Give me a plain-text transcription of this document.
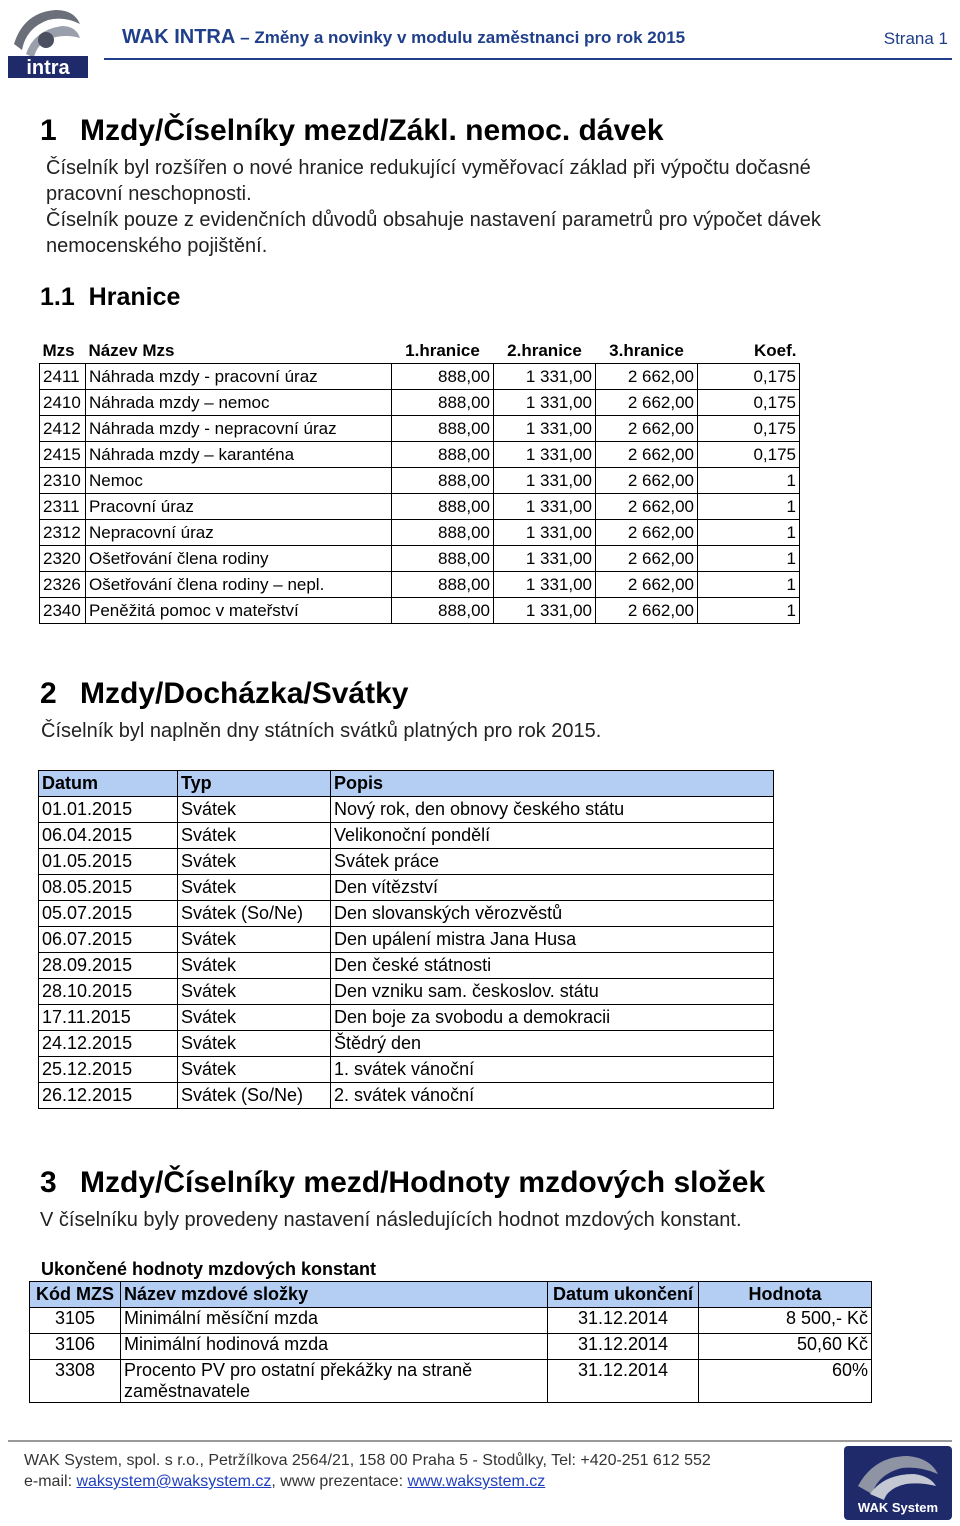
intra
WAK INTRA – Změny a novinky v modulu zaměstnanci pro rok 2015	Strana 1
1 Mzdy/Číselníky mezd/Zákl. nemoc. dávek

Číselník byl rozšířen o nové hranice redukující vyměřovací základ při výpočtu dočasné pracovní neschopnosti.

Číselník pouze z evidenčních důvodů obsahuje nastavení parametrů pro výpočet dávek nemocenského pojištění.

1.1 Hranice
Mzs	Název Mzs	1.hranice	2.hranice	3.hranice	Koef.
2411	Náhrada mzdy - pracovní úraz	888,00	1 331,00	2 662,00	0,175
2410	Náhrada mzdy – nemoc	888,00	1 331,00	2 662,00	0,175
2412	Náhrada mzdy - nepracovní úraz	888,00	1 331,00	2 662,00	0,175
2415	Náhrada mzdy – karanténa	888,00	1 331,00	2 662,00	0,175
2310	Nemoc	888,00	1 331,00	2 662,00	1
2311	Pracovní úraz	888,00	1 331,00	2 662,00	1
2312	Nepracovní úraz	888,00	1 331,00	2 662,00	1
2320	Ošetřování člena rodiny	888,00	1 331,00	2 662,00	1
2326	Ošetřování člena rodiny – nepl.	888,00	1 331,00	2 662,00	1
2340	Peněžitá pomoc v mateřství	888,00	1 331,00	2 662,00	1
2 Mzdy/Docházka/Svátky

Číselník byl naplněn dny státních svátků platných pro rok 2015.

Datum	Typ	Popis
01.01.2015	Svátek	Nový rok, den obnovy českého státu
06.04.2015	Svátek	Velikonoční pondělí
01.05.2015	Svátek	Svátek práce
08.05.2015	Svátek	Den vítězství
05.07.2015	Svátek (So/Ne)	Den slovanských věrozvěstů
06.07.2015	Svátek	Den upálení mistra Jana Husa
28.09.2015	Svátek	Den české státnosti
28.10.2015	Svátek	Den vzniku sam. českoslov. státu
17.11.2015	Svátek	Den boje za svobodu a demokracii
24.12.2015	Svátek	Štědrý den
25.12.2015	Svátek	1. svátek vánoční
26.12.2015	Svátek (So/Ne)	2. svátek vánoční
3 Mzdy/Číselníky mezd/Hodnoty mzdových složek

V číselníku byly provedeny nastavení následujících hodnot mzdových konstant.

Ukončené hodnoty mzdových konstant
Kód MZS	Název mzdové složky	Datum ukončení	Hodnota
3105	Minimální měsíční mzda	31.12.2014	8 500,- Kč
3106	Minimální hodinová mzda	31.12.2014	50,60 Kč
3308	Procento PV pro ostatní překážky na straně zaměstnavatele	31.12.2014	60%
WAK System, spol. s r.o., Petržílkova 2564/21, 158 00 Praha 5 - Stodůlky, Tel: +420-251 612 552
e-mail: waksystem@waksystem.cz, www prezentace: www.waksystem.cz
WAK System
